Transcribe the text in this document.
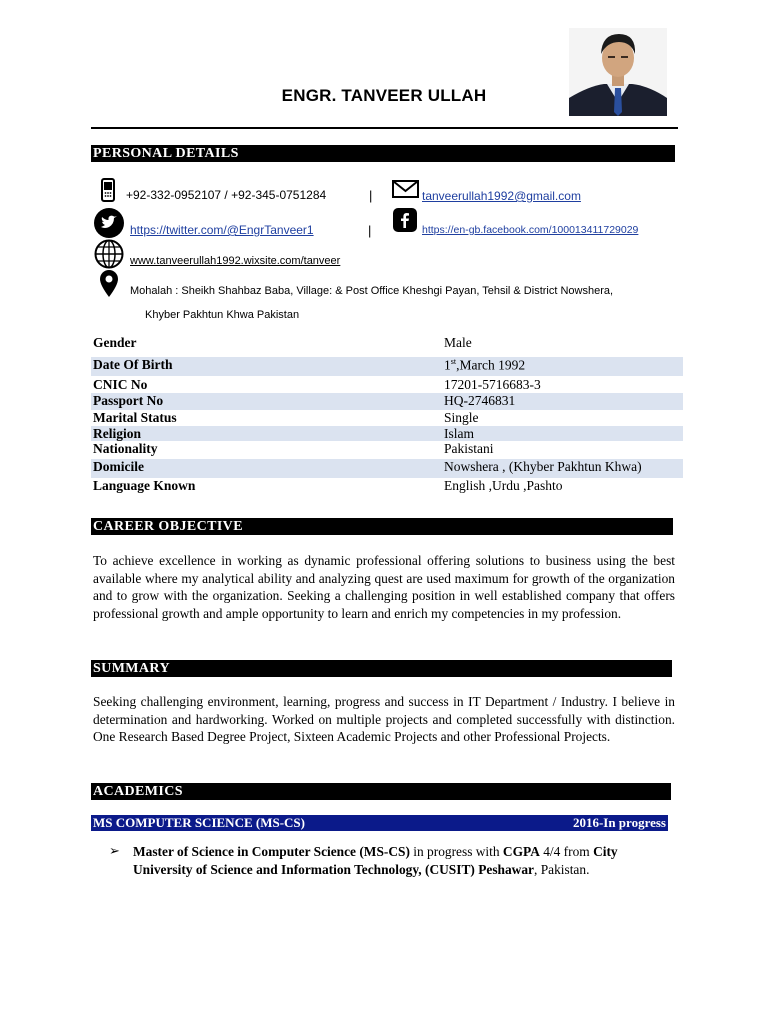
ENGR. TANVEER ULLAH
PERSONAL DETAILS
+92-332-0952107 / +92-345-0751284	|	tanveerullah1992@gmail.com
https://twitter.com/@EngrTanveer1	|	https://en-gb.facebook.com/100013411729029
www.tanveerullah1992.wixsite.com/tanveer
Mohalah : Sheikh Shahbaz Baba, Village: & Post Office Kheshgi Payan, Tehsil & District Nowshera,
Khyber Pakhtun Khwa Pakistan
Gender	Male
Date Of Birth	1st,March 1992
CNIC No	17201-5716683-3
Passport No	HQ-2746831
Marital Status	Single
Religion	Islam
Nationality	Pakistani
Domicile	Nowshera , (Khyber Pakhtun Khwa)
Language Known	English ,Urdu ,Pashto
CAREER OBJECTIVE
To achieve excellence in working as dynamic professional offering solutions to business using the best available where my analytical ability and analyzing quest are used maximum for growth of the organization and to grow with the organization. Seeking a challenging position in well established company that offers professional growth and ample opportunity to learn and enrich my competencies in my profession.
SUMMARY
Seeking challenging environment, learning, progress and success in IT Department / Industry. I believe in determination and hardworking. Worked on multiple projects and completed successfully with distinction. One Research Based Degree Project, Sixteen Academic Projects and other Professional Projects.
ACADEMICS
MS COMPUTER SCIENCE (MS-CS)	2016-In progress
➢ Master of Science in Computer Science (MS-CS) in progress with CGPA 4/4 from City University of Science and Information Technology, (CUSIT) Peshawar, Pakistan.
